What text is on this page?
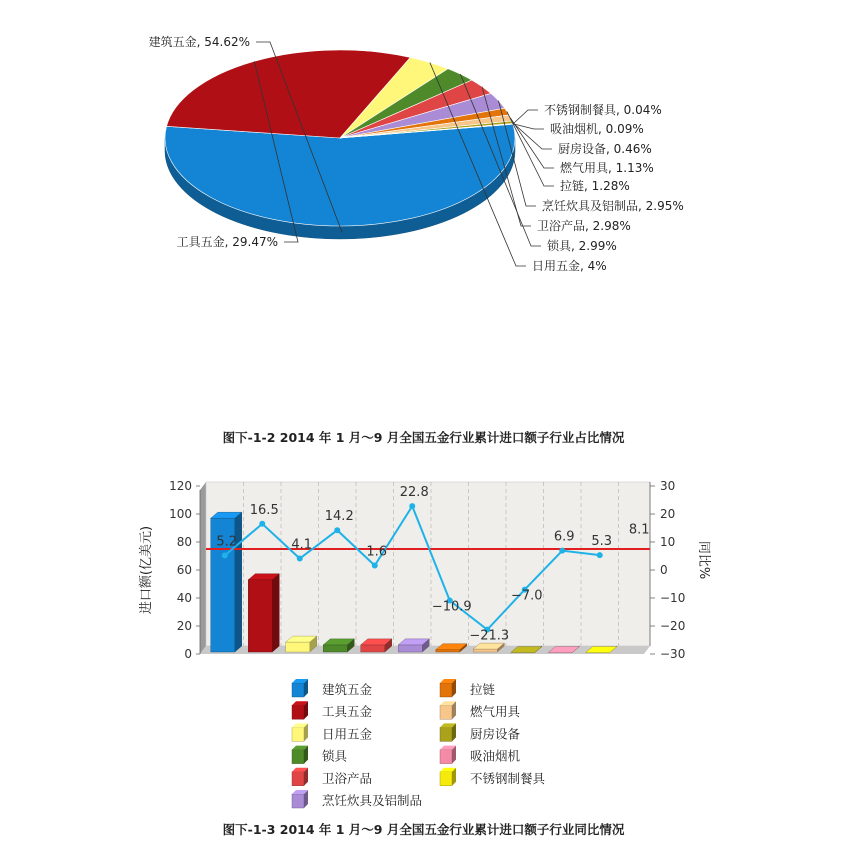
建筑五金, 54.62%
工具五金, 29.47%
日用五金, 4%
锁具, 2.99%
卫浴产品, 2.98%
烹饪炊具及铝制品, 2.95%
拉链, 1.28%
燃气用具, 1.13%
厨房设备, 0.46%
吸油烟机, 0.09%
不锈钢制餐具, 0.04%
图下-1-2 2014 年 1 月～9 月全国五金行业累计进口额子行业占比情况
0
20
40
60
80
100
120
进口额(亿美元)
−30
−20
−10
0
10
20
30
同比%
5.2
16.5
4.1
14.2
1.6
22.8
−10.9
−21.3
−7.0
6.9 5.3
8.1
建筑五金
工具五金
日用五金
锁具
卫浴产品
烹饪炊具及铝制品
拉链
燃气用具
厨房设备
吸油烟机
不锈钢制餐具
图下-1-3 2014 年 1 月～9 月全国五金行业累计进口额子行业同比情况
